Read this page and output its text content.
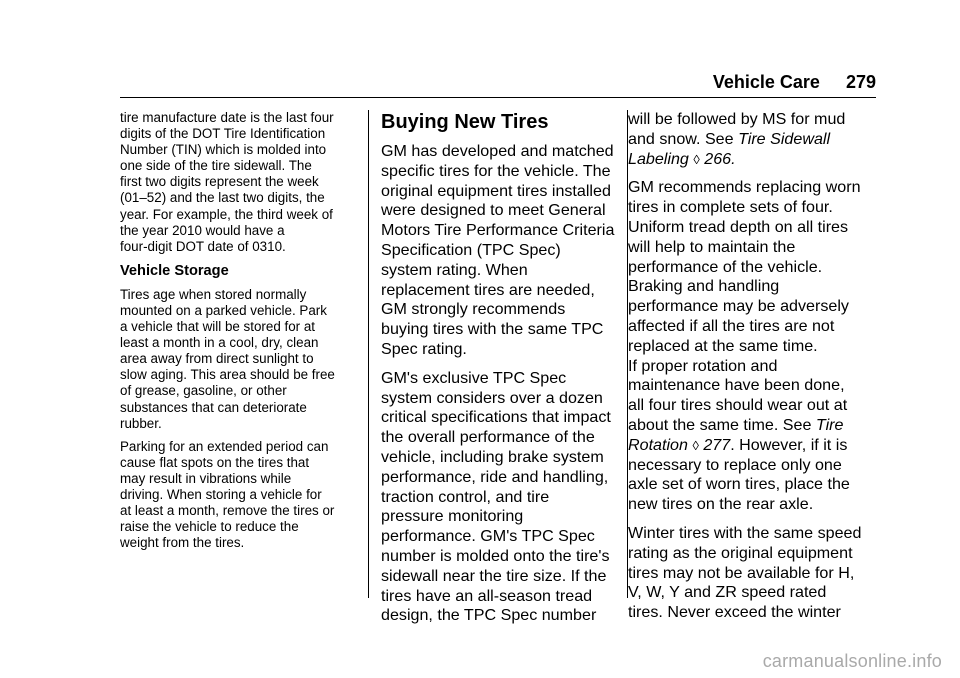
Vehicle Care 279

tire manufacture date is the last four
digits of the DOT Tire Identification
Number (TIN) which is molded into
one side of the tire sidewall. The
first two digits represent the week
(01–52) and the last two digits, the
year. For example, the third week of
the year 2010 would have a
four-digit DOT date of 0310.

Vehicle Storage

Tires age when stored normally
mounted on a parked vehicle. Park
a vehicle that will be stored for at
least a month in a cool, dry, clean
area away from direct sunlight to
slow aging. This area should be free
of grease, gasoline, or other
substances that can deteriorate
rubber.

Parking for an extended period can
cause flat spots on the tires that
may result in vibrations while
driving. When storing a vehicle for
at least a month, remove the tires or
raise the vehicle to reduce the
weight from the tires.

Buying New Tires

GM has developed and matched
specific tires for the vehicle. The
original equipment tires installed
were designed to meet General
Motors Tire Performance Criteria
Specification (TPC Spec)
system rating. When
replacement tires are needed,
GM strongly recommends
buying tires with the same TPC
Spec rating.

GM's exclusive TPC Spec
system considers over a dozen
critical specifications that impact
the overall performance of the
vehicle, including brake system
performance, ride and handling,
traction control, and tire
pressure monitoring
performance. GM's TPC Spec
number is molded onto the tire's
sidewall near the tire size. If the
tires have an all-season tread
design, the TPC Spec number

will be followed by MS for mud
and snow. See Tire Sidewall
Labeling ◊ 266.

GM recommends replacing worn
tires in complete sets of four.
Uniform tread depth on all tires
will help to maintain the
performance of the vehicle.
Braking and handling
performance may be adversely
affected if all the tires are not
replaced at the same time.
If proper rotation and
maintenance have been done,
all four tires should wear out at
about the same time. See Tire
Rotation ◊ 277. However, if it is
necessary to replace only one
axle set of worn tires, place the
new tires on the rear axle.

Winter tires with the same speed
rating as the original equipment
tires may not be available for H,
V, W, Y and ZR speed rated
tires. Never exceed the winter

carmanualsonline.info
